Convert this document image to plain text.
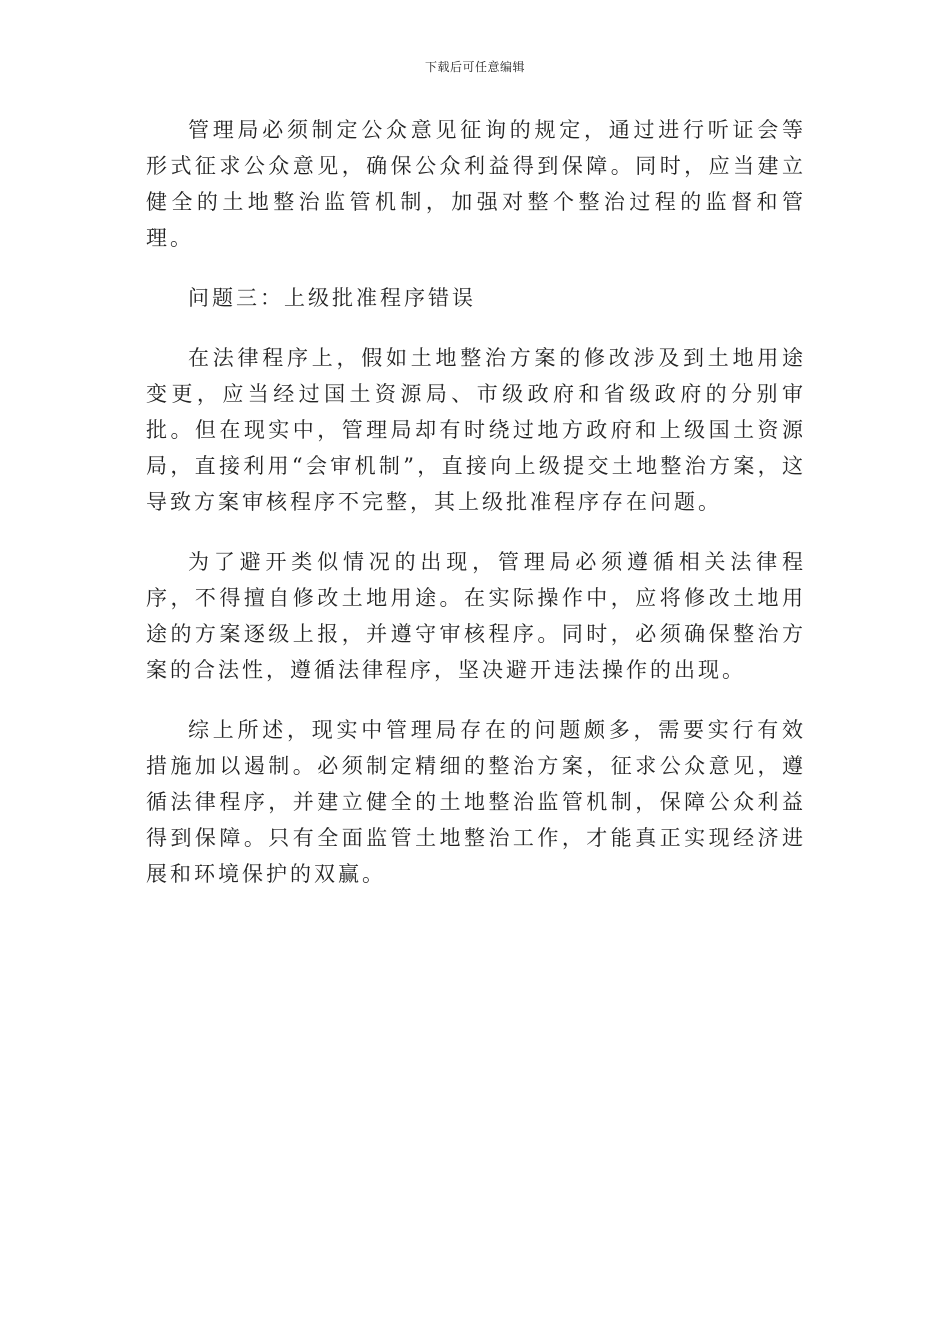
下载后可任意编辑

管理局必须制定公众意见征询的规定，通过进行听证会等形式征求公众意见，确保公众利益得到保障。同时，应当建立健全的土地整治监管机制，加强对整个整治过程的监督和管理。

问题三：上级批准程序错误

在法律程序上，假如土地整治方案的修改涉及到土地用途变更，应当经过国土资源局、市级政府和省级政府的分别审批。但在现实中，管理局却有时绕过地方政府和上级国土资源局，直接利用“会审机制”，直接向上级提交土地整治方案，这导致方案审核程序不完整，其上级批准程序存在问题。

为了避开类似情况的出现，管理局必须遵循相关法律程序，不得擅自修改土地用途。在实际操作中，应将修改土地用途的方案逐级上报，并遵守审核程序。同时，必须确保整治方案的合法性，遵循法律程序，坚决避开违法操作的出现。

综上所述，现实中管理局存在的问题颇多，需要实行有效措施加以遏制。必须制定精细的整治方案，征求公众意见，遵循法律程序，并建立健全的土地整治监管机制，保障公众利益得到保障。只有全面监管土地整治工作，才能真正实现经济进展和环境保护的双赢。
